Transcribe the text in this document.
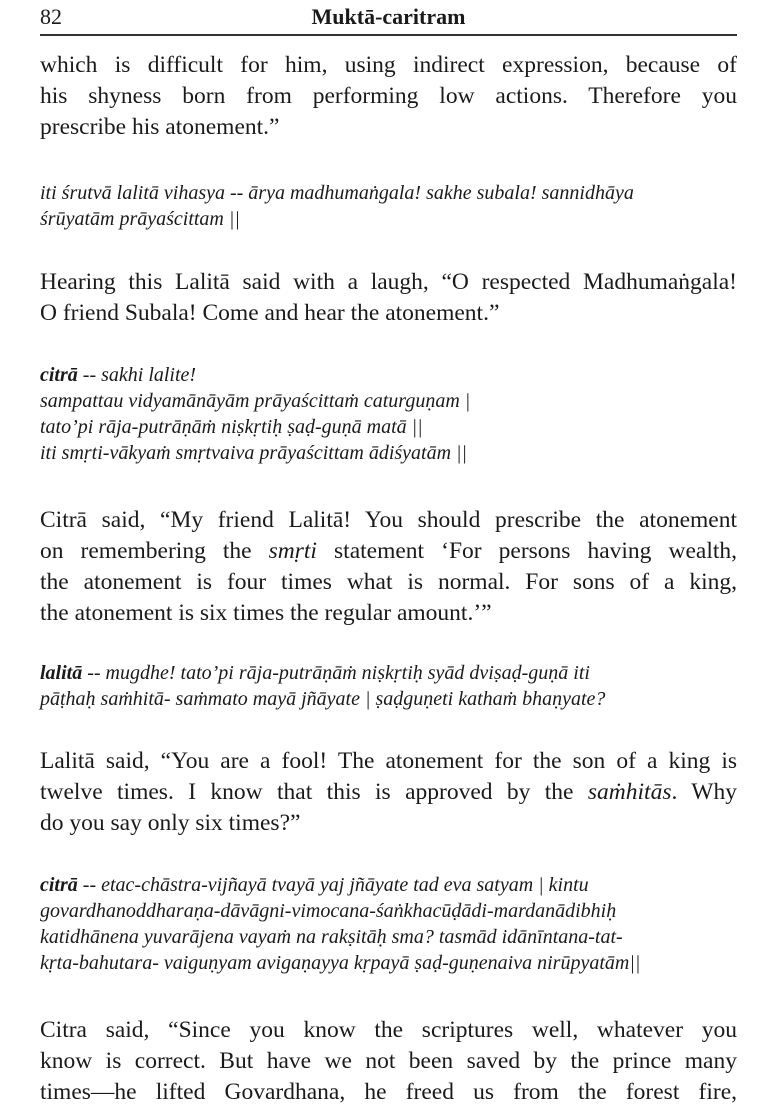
82	Muktā-caritram
which is difficult for him, using indirect expression, because of
his shyness born from performing low actions. Therefore you
prescribe his atonement.”
iti śrutvā lalitā vihasya -- ārya madhumaṅgala! sakhe subala! sannidhāya
śrūyatām prāyaścittam ||
Hearing this Lalitā said with a laugh, “O respected Madhumaṅgala!
O friend Subala! Come and hear the atonement.”
citrā -- sakhi lalite!
sampattau vidyamānāyām prāyaścittaṁ caturguṇam |
tato’pi rāja-putrāṇāṁ niṣkṛtiḥ ṣaḍ-guṇā matā ||
iti smṛti-vākyaṁ smṛtvaiva prāyaścittam ādiśyatām ||
Citrā said, “My friend Lalitā! You should prescribe the atonement
on remembering the smṛti statement ‘For persons having wealth,
the atonement is four times what is normal. For sons of a king,
the atonement is six times the regular amount.’”
lalitā -- mugdhe! tato’pi rāja-putrāṇāṁ niṣkṛtiḥ syād dviṣaḍ-guṇā iti
pāṭhaḥ saṁhitā- saṁmato mayā jñāyate | ṣaḍguṇeti kathaṁ bhaṇyate?
Lalitā said, “You are a fool! The atonement for the son of a king is
twelve times. I know that this is approved by the saṁhitās. Why
do you say only six times?”
citrā -- etac-chāstra-vijñayā tvayā yaj jñāyate tad eva satyam | kintu
govardhanoddharaṇa-dāvāgni-vimocana-śaṅkhacūḍādi-mardanādibhiḥ
katidhānena yuvarājena vayaṁ na rakṣitāḥ sma? tasmād idānīntana-tat-
kṛta-bahutara- vaiguṇyam avigaṇayya kṛpayā ṣaḍ-guṇenaiva nirūpyatām||
Citra said, “Since you know the scriptures well, whatever you
know is correct. But have we not been saved by the prince many
times—he lifted Govardhana, he freed us from the forest fire,
